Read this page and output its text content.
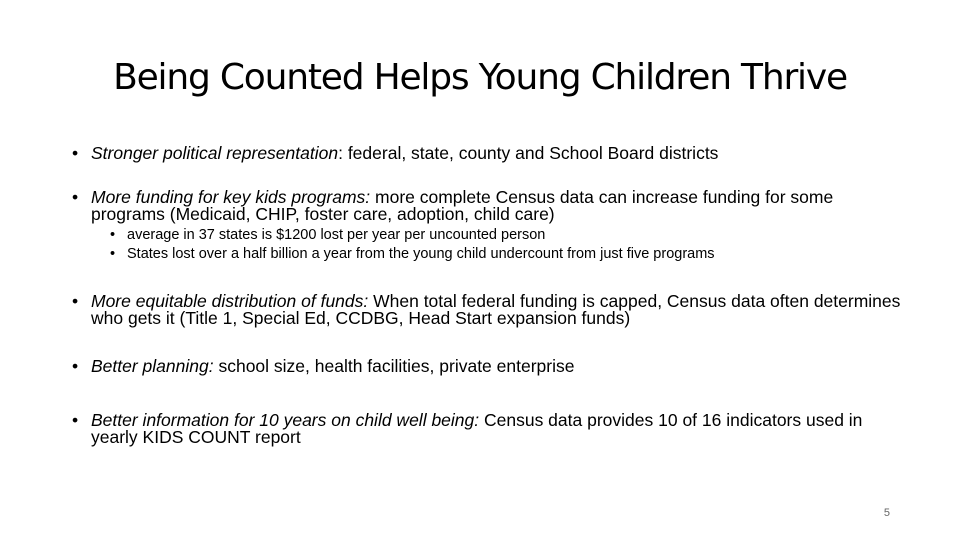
Being Counted Helps Young Children Thrive
• Stronger political representation: federal, state, county and School Board districts
• More funding for key kids programs: more complete Census data can increase funding for some programs (Medicaid, CHIP, foster care, adoption, child care)
• average in 37 states is $1200 lost per year per uncounted person
• States lost over a half billion a year from the young child undercount from just five programs
• More equitable distribution of funds: When total federal funding is capped, Census data often determines who gets it (Title 1, Special Ed, CCDBG, Head Start expansion funds)
• Better planning: school size, health facilities, private enterprise
• Better information for 10 years on child well being: Census data provides 10 of 16 indicators used in yearly KIDS COUNT report
5
